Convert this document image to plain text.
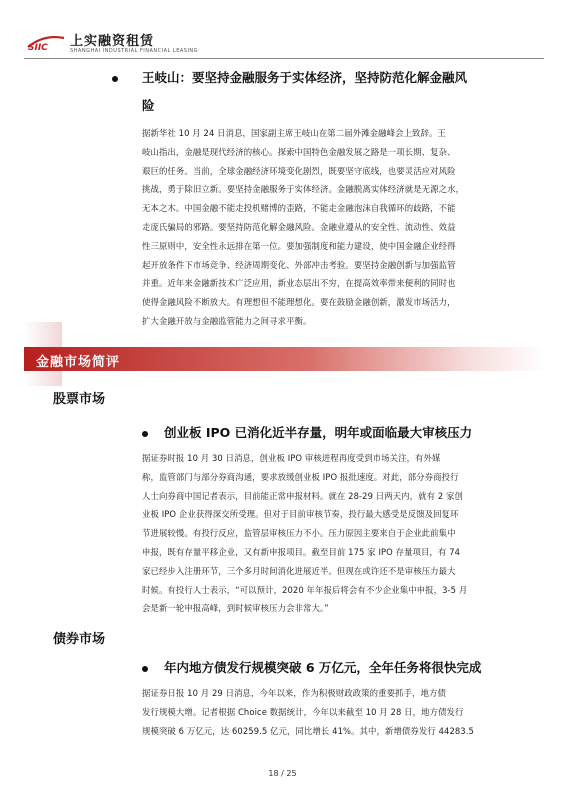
SIIC 上实融资租赁
SHANGHAI INDUSTRIAL FINANCIAL LEASING
王岐山：要坚持金融服务于实体经济，坚持防范化解金融风
险
据新华社 10 月 24 日消息，国家副主席王岐山在第二届外滩金融峰会上致辞。王
岐山指出，金融是现代经济的核心。探索中国特色金融发展之路是一项长期、复杂、
艰巨的任务。当前，全球金融经济环境变化剧烈，既要坚守底线，也要灵活应对风险
挑战，勇于除旧立新。要坚持金融服务于实体经济。金融脱离实体经济就是无源之水，
无本之木。中国金融不能走投机赌博的歪路，不能走金融泡沫自我循环的歧路，不能
走庞氏骗局的邪路。要坚持防范化解金融风险。金融业遵从的安全性、流动性、效益
性三原则中，安全性永远排在第一位。要加强制度和能力建设，使中国金融企业经得
起开放条件下市场竞争、经济周期变化、外部冲击考验。要坚持金融创新与加强监管
并重。近年来金融新技术广泛应用，新业态层出不穷，在提高效率带来便利的同时也
使得金融风险不断放大。有理想但不能理想化。要在鼓励金融创新，激发市场活力，
扩大金融开放与金融监管能力之间寻求平衡。
金融市场简评
股票市场
创业板 IPO 已消化近半存量，明年或面临最大审核压力
据证券时报 10 月 30 日消息，创业板 IPO 审核进程再度受到市场关注，有外媒
称，监管部门与部分券商沟通，要求放缓创业板 IPO 报批速度。对此，部分券商投行
人士向券商中国记者表示，目前能正常申报材料。就在 28-29 日两天内，就有 2 家创
业板 IPO 企业获得深交所受理。但对于目前审核节奏，投行最大感受是反馈及回复环
节进展较慢。有投行反应，监管层审核压力不小。压力原因主要来自于企业此前集中
申报，既有存量平移企业，又有新申报项目。截至目前 175 家 IPO 存量项目，有 74
家已经步入注册环节，三个多月时间消化进展近半。但现在或许还不是审核压力最大
时候。有投行人士表示，“可以预计，2020 年年报后将会有不少企业集中申报，3-5 月
会是新一轮申报高峰，到时候审核压力会非常大。”
债券市场
年内地方债发行规模突破 6 万亿元，全年任务将很快完成
据证券日报 10 月 29 日消息，今年以来，作为积极财政政策的重要抓手，地方债
发行规模大增。记者根据 Choice 数据统计，今年以来截至 10 月 28 日，地方债发行
规模突破 6 万亿元，达 60259.5 亿元，同比增长 41%。其中，新增债券发行 44283.5
18 / 25
